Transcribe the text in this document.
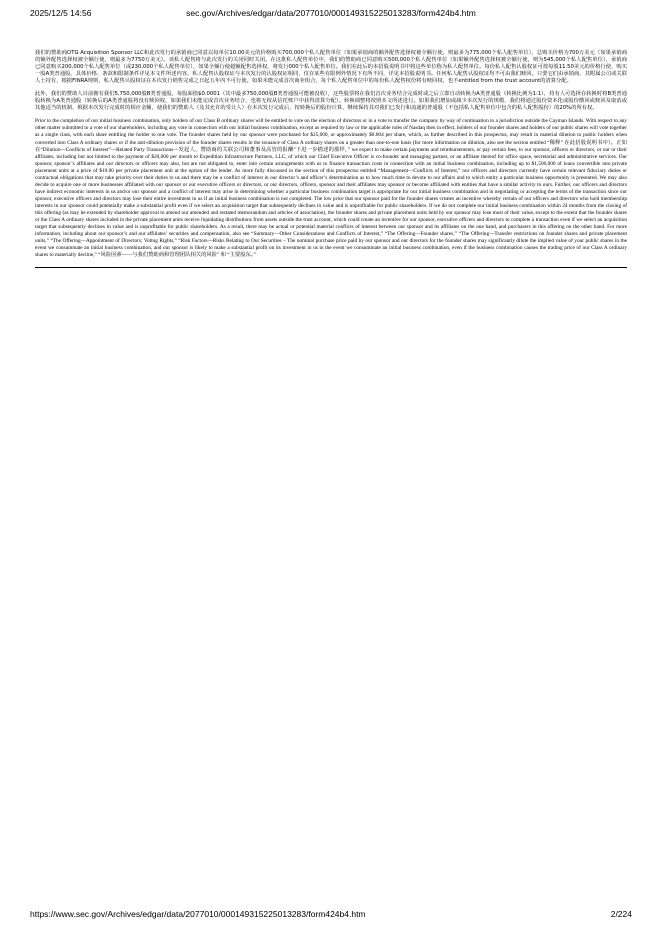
2025/12/5 14:56	sec.gov/Archives/edgar/data/2077010/000149315225013283/form424b4.htm

我们的赞助商OTG Acquisition Sponsor LLC和此次发行的承销商已同意以每单位10.00美元的价格购买700,000个私人配售单位（如果承销商的额外配售选择权被全额行使，则最多为775,000个私人配售单位），总购买价格为700万美元（如果承销商的额外配售选择权被全额行使，则最多为7750万美元）。该私人配售将与此次发行的关闭同时关闭。在这批私人配售单位中，我们的赞助商已同意购买500,000个私人配售单位（如果额外配售选择权被全额行使，则为545,000个私人配售单位），承销商已同意购买200,000个私人配售单位（或230,000个私人配售单位），如果全额行使超额配售选择权，将发行000个私人配售单位。我们在此后的本招股说明书中将这些单位称为私人配售单位。每份私人配售认股权证可按每股11.50美元的价格行使，购买一股A类普通股，具体价格、条款和限制条件详见本文件所述内容。私人配售认股权证与本次发行的认股权证相同，仅在某些有限例外情况下有所不同，详见本招股说明书。任何私人配售认股权证均不可由我们赎回。只要它们由承销商、其附属公司或关联人士持有，根据FINRA规则，私人配售认股权证在本次发行销售完成之日起五年内不可行使。如果未能完成首次商业组合，每个私人配售单位中的每份私人配售权份将有赎回权，也不entitled from the trust account的清算分配。

此外，我们的赞助人目前拥有我们5,750,000股B类普通股，每股面值$0.0001（其中最多750,000股B类普通股可能被没收），这些股票将在我们首次业务结合完成时或之后立即自动转换为A类普通股（转换比例为1:1），持有人可选择在转换时将B类普通股转换为A类普通股（转换后的A类普通股将没有赎回权，如果我们未能完成首次业务结合，也将无权从信托账户中获得清算分配）。转换调整将按照本文所述进行。如果我们增加或减少本次发行的规模，我们将通过股份资本化或股份缴回或赎回及取消或其他适当的机制，根据本次发行完成时的相应金额，使我们的赞助人（及其允许的受让人）在本次发行完成后，按转换后的股份计算，继续保持其对我们已发行和流通的普通股（不包括私人配售单位中包含的私人配售股份）的20%的所有权。

Prior to the completion of our initial business combination, only holders of our Class B ordinary shares will be entitled to vote on the election of directors or in a vote to transfer the company by way of continuation to a jurisdiction outside the Cayman Islands. With respect to any other matter submitted to a vote of our shareholders, including any vote in connection with our initial business combination, except as required by law or the applicable rules of Nasdaq then in effect, holders of our founder shares and holders of our public shares will vote together as a single class, with each share entitling the holder to one vote. The founder shares held by our sponsor were purchased for $25,000, or approximately $0.004 per share, which, as further described in this prospectus, may result in material dilution to public holders when converted into Class A ordinary shares or if the anti-dilution provision of the founder shares results in the issuance of Class A ordinary shares on a greater than one-to-one basis (for more information on dilution, also see the section entitled “稀释” 在此招股说明书中）。正如在“Dilution—Conflicts of Interest”—Related Party Transactions—发起人、赞助商的关联公司和董事及高管的报酬”下进一步描述的那样，” we expect to make certain payments and reimbursements, or pay certain fees, to our sponsor, officers or directors, or our or their affiliates, including but not limited to the payment of $20,000 per month to Expedition Infrastructure Partners, LLC, of which our Chief Executive Officer is co-founder and managing partner, or an affiliate thereof for office space, secretarial and administrative services. Our sponsor, sponsor’s affiliates and our directors or officers may also, but are not obligated to, enter into certain arrangements with us to finance transaction costs in connection with an initial business combination, including up to $1,500,000 of loans convertible into private placement units at a price of $10.00 per private placement unit at the option of the lender. As more fully discussed in the section of this prospectus entitled “Management—Conflicts of Interest,” our officers and directors currently have certain relevant fiduciary duties or contractual obligations that may take priority over their duties to us and there may be a conflict of interest in our director’s and officer’s determination as to how much time to devote to our affairs and to which entity a particular business opportunity is presented. We may also decide to acquire one or more businesses affiliated with our sponsor or our executive officers or directors, or our directors, officers, sponsor and their affiliates may sponsor or become affiliated with entities that have a similar activity to ours. Further, our officers and directors have indirect economic interests in us and/or our sponsor and a conflict of interest may arise in determining whether a particular business combination target is appropriate for our initial business combination and in negotiating or accepting the terms of the transaction since our sponsor, executive officers and directors may lose their entire investment in us if an initial business combination is not completed. The low price that our sponsor paid for the founder shares creates an incentive whereby certain of our officers and directors who hold membership interests in our sponsor could potentially make a substantial profit even if we select an acquisition target that subsequently declines in value and is unprofitable for public shareholders. If we do not complete our initial business combination within 24 months from the closing of this offering (as may be extended by shareholder approval to amend our amended and restated memorandum and articles of association), the founder shares and private placement units held by our sponsor may lose most of their value, except to the extent that the founder shares or the Class A ordinary shares included in the private placement units receive liquidating distributions from assets outside the trust account, which could create an incentive for our sponsor, executive officers and directors to complete a transaction even if we select an acquisition target that subsequently declines in value and is unprofitable for public shareholders. As a result, there may be actual or potential material conflicts of interest between our sponsor and its affiliates on the one hand, and purchasers in this offering on the other hand. For more information, including about our sponsor’s and our affiliates’ securities and compensation, also see “Summary—Other Considerations and Conflicts of Interest,” “The Offering—Founder shares,” “The Offering—Transfer restrictions on founder shares and private placement units,” “The Offering—Appointment of Directors; Voting Rights,” “Risk Factors—Risks Relating to Our Securities – The nominal purchase price paid by our sponsor and our directors for the founder shares may significantly dilute the implied value of your public shares in the event we consummate an initial business combination, and our sponsor is likely to make a substantial profit on its investment in us in the event we consummate an initial business combination, even if the business combination causes the trading price of our Class A ordinary shares to materially decline,” “风险因素——与我们赞助商和管理团队相关的风险” 和 “主要股东。”

https://www.sec.gov/Archives/edgar/data/2077010/000149315225013283/form424b4.htm	2/224
